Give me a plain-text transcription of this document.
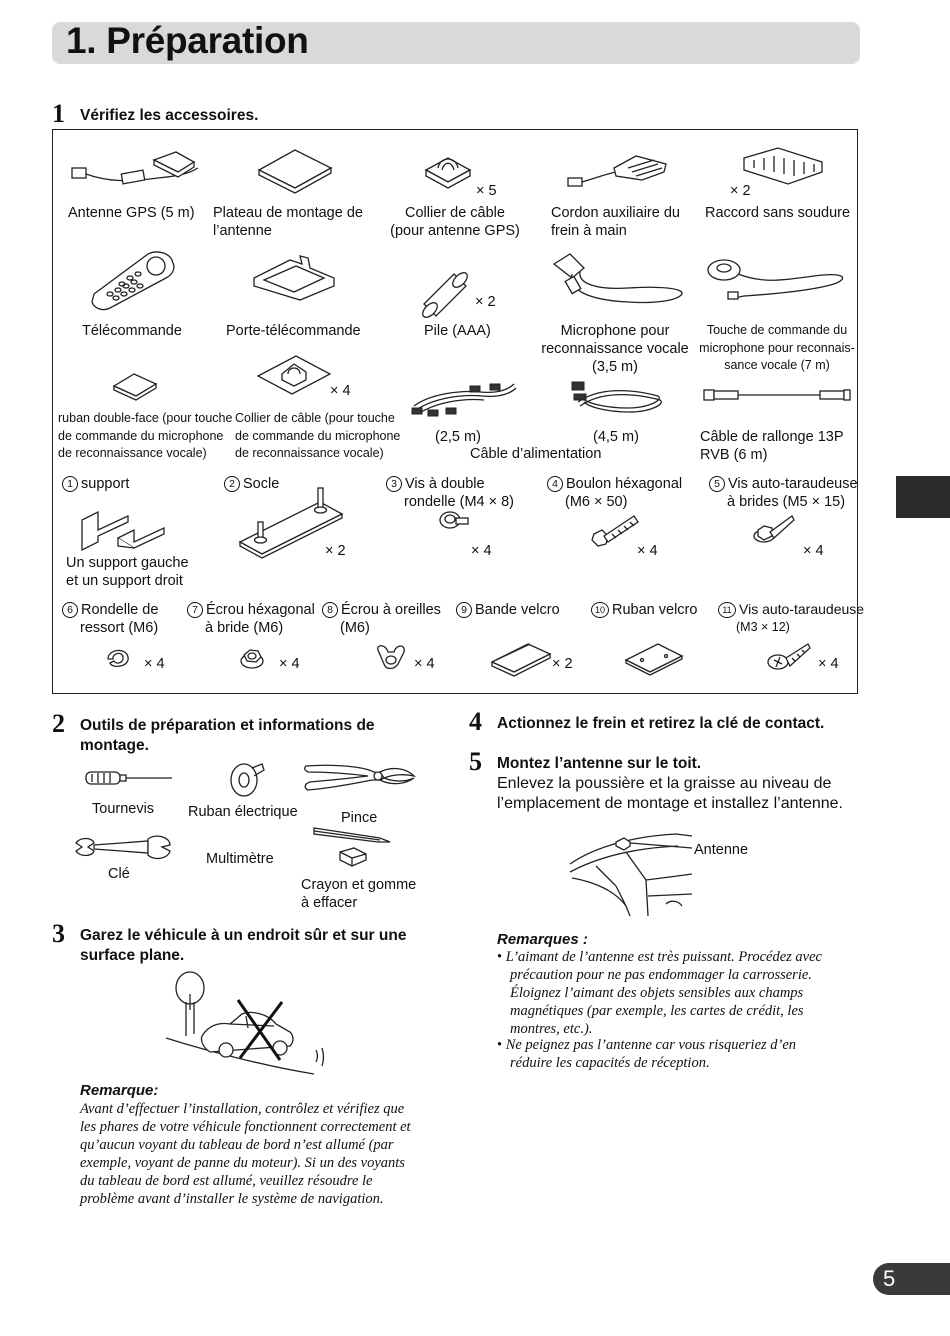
1. Préparation
1 Vérifiez les accessoires.
× 5	× 2
Antenne GPS (5 m) Plateau de montage de
l’antenne
Collier de câble
(pour antenne GPS)
Cordon auxiliaire du
frein à main
Raccord sans soudure
× 2
Télécommande	Porte-télécommande	Pile (AAA)	Microphone pour
reconnaissance vocale
(3,5 m)
Touche de commande du
microphone pour reconnais-
sance vocale (7 m)
× 4
ruban double-face (pour touche
de commande du microphone
de reconnaissance vocale)
Collier de câble (pour touche
de commande du microphone
de reconnaissance vocale)
(2,5 m)	(4,5 m)
Câble d’alimentation
Câble de rallonge 13P
RVB (6 m)
1 support
Un support gauche
et un support droit
2 Socle
× 2
3 Vis à double
rondelle (M4 × 8)
× 4
4 Boulon héxagonal
(M6 × 50)
× 4
5 Vis auto-taraudeuse
à brides (M5 × 15)
× 4
6 Rondelle de
ressort (M6)
× 4
7 Écrou héxagonal
à bride (M6)
× 4
8 Écrou à oreilles
(M6)
× 4
9 Bande velcro
× 2
10 Ruban velcro	11 Vis auto-taraudeuse
(M3 × 12)
× 4
2 Outils de préparation et informations de
montage.
Tournevis Ruban électrique	Pince
Clé
Multimètre
Crayon et gomme
à effacer
3 Garez le véhicule à un endroit sûr et sur une
surface plane.
Remarque:
Avant d’effectuer l’installation, contrôlez et vérifiez que
les phares de votre véhicule fonctionnent correctement et
qu’aucun voyant du tableau de bord n’est allumé (par
exemple, voyant de panne du moteur). Si un des voyants
du tableau de bord est allumé, veuillez résoudre le
problème avant d’installer le système de navigation.
4 Actionnez le frein et retirez la clé de contact.
5 Montez l’antenne sur le toit.
Enlevez la poussière et la graisse au niveau de
l’emplacement de montage et installez l’antenne.
Antenne
Remarques :
• L’aimant de l’antenne est très puissant. Procédez avec
précaution pour ne pas endommager la carrosserie.
Éloignez l’aimant des objets sensibles aux champs
magnétiques (par exemple, les cartes de crédit, les
montres, etc.).
• Ne peignez pas l’antenne car vous risqueriez d’en
réduire les capacités de réception.
5
